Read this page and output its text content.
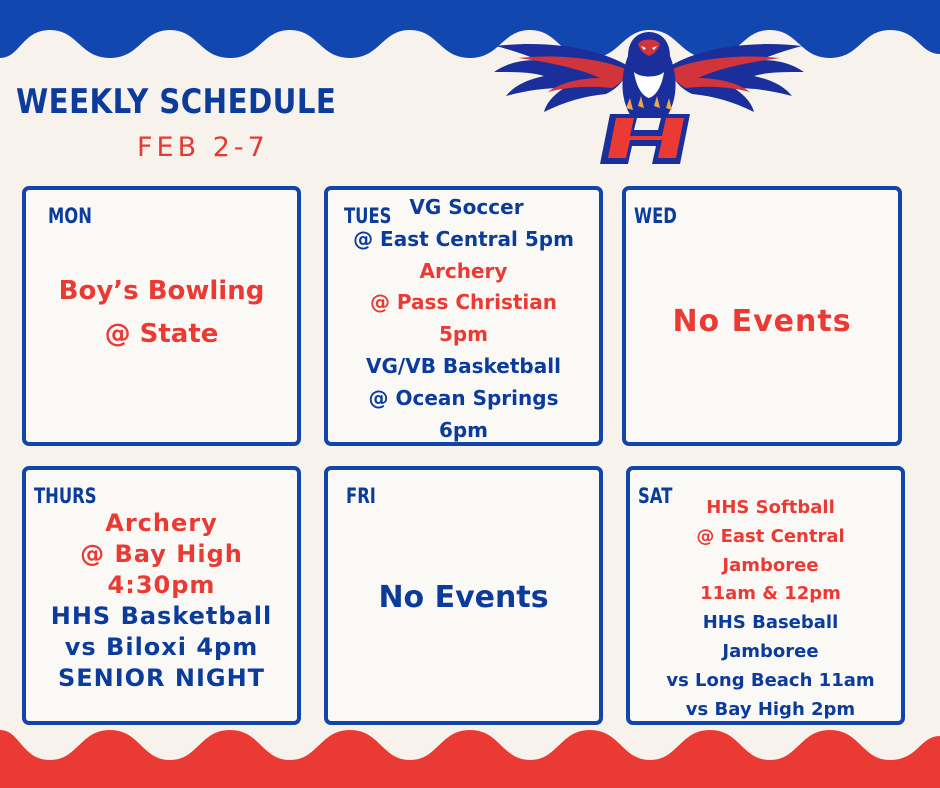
WEEKLY SCHEDULE
FEB 2-7
MON
Boy’s Bowling
@ State
TUES VG Soccer
@ East Central 5pm
Archery
@ Pass Christian
5pm
VG/VB Basketball
@ Ocean Springs
6pm
WED
No Events
THURS
Archery
@ Bay High
4:30pm
HHS Basketball
vs Biloxi 4pm
SENIOR NIGHT
FRI
No Events
SAT	HHS Softball
@ East Central
Jamboree
11am & 12pm
HHS Baseball
Jamboree
vs Long Beach 11am
vs Bay High 2pm
